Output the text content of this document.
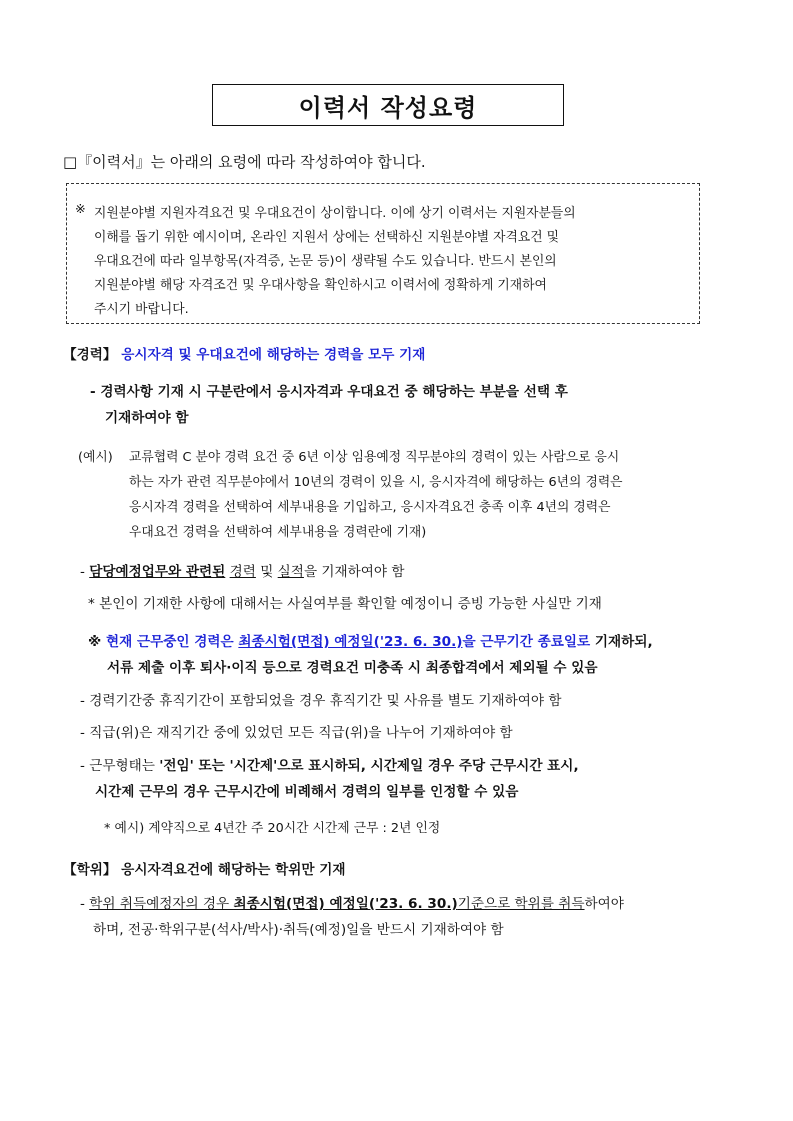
이력서 작성요령
□『이력서』는 아래의 요령에 따라 작성하여야 합니다.
※ 지원분야별 지원자격요건 및 우대요건이 상이합니다. 이에 상기 이력서는 지원자분들의
이해를 돕기 위한 예시이며, 온라인 지원서 상에는 선택하신 지원분야별 자격요건 및
우대요건에 따라 일부항목(자격증, 논문 등)이 생략될 수도 있습니다. 반드시 본인의
지원분야별 해당 자격조건 및 우대사항을 확인하시고 이력서에 정확하게 기재하여
주시기 바랍니다.
【경력】 응시자격 및 우대요건에 해당하는 경력을 모두 기재
- 경력사항 기재 시 구분란에서 응시자격과 우대요건 중 해당하는 부분을 선택 후
기재하여야 함
(예시) 교류협력 C 분야 경력 요건 중 6년 이상 임용예정 직무분야의 경력이 있는 사람으로 응시
하는 자가 관련 직무분야에서 10년의 경력이 있을 시, 응시자격에 해당하는 6년의 경력은
응시자격 경력을 선택하여 세부내용을 기입하고, 응시자격요건 충족 이후 4년의 경력은
우대요건 경력을 선택하여 세부내용을 경력란에 기재)
- 담당예정업무와 관련된 경력 및 실적을 기재하여야 함
* 본인이 기재한 사항에 대해서는 사실여부를 확인할 예정이니 증빙 가능한 사실만 기재
※ 현재 근무중인 경력은 최종시험(면접) 예정일('23. 6. 30.)을 근무기간 종료일로 기재하되,
서류 제출 이후 퇴사·이직 등으로 경력요건 미충족 시 최종합격에서 제외될 수 있음
- 경력기간중 휴직기간이 포함되었을 경우 휴직기간 및 사유를 별도 기재하여야 함
- 직급(위)은 재직기간 중에 있었던 모든 직급(위)을 나누어 기재하여야 함
- 근무형태는 '전임' 또는 '시간제'으로 표시하되, 시간제일 경우 주당 근무시간 표시,
시간제 근무의 경우 근무시간에 비례해서 경력의 일부를 인정할 수 있음
* 예시) 계약직으로 4년간 주 20시간 시간제 근무 : 2년 인정
【학위】 응시자격요건에 해당하는 학위만 기재
- 학위 취득예정자의 경우 최종시험(면접) 예정일('23. 6. 30.)기준으로 학위를 취득하여야
하며, 전공·학위구분(석사/박사)·취득(예정)일을 반드시 기재하여야 함
